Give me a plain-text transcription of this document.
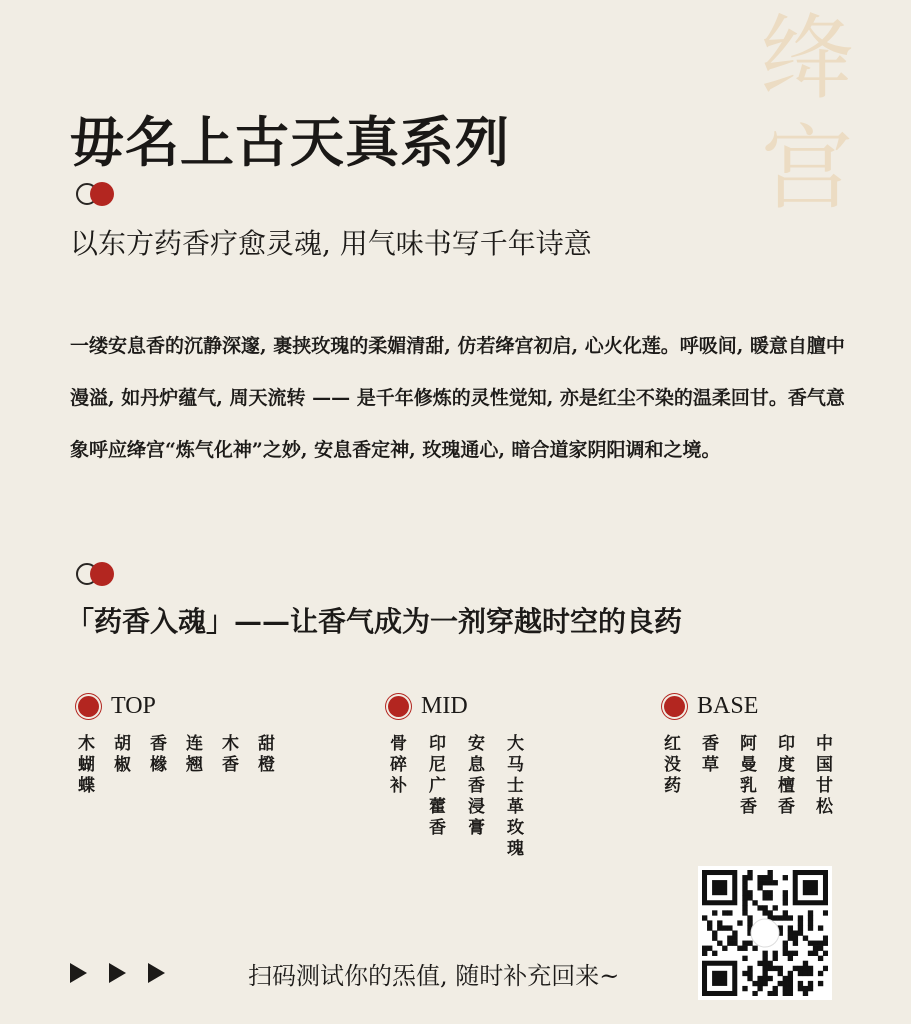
绛
宫
毋名上古天真系列
以东方药香疗愈灵魂, 用气味书写千年诗意
一缕安息香的沉静深邃, 裹挟玫瑰的柔媚清甜, 仿若绛宫初启, 心火化莲。呼吸间, 暖意自膻中漫溢, 如丹炉蕴气, 周天流转 —— 是千年修炼的灵性觉知, 亦是红尘不染的温柔回甘。香气意象呼应绛宫“炼气化神”之妙, 安息香定神, 玫瑰通心, 暗合道家阴阳调和之境。
「药香入魂」——让香气成为一剂穿越时空的良药
TOP
木
蝴
蝶
胡
椒
香
橼
连
翘
木
香
甜
橙
MID
骨
碎
补
印
尼
广
藿
香
安
息
香
浸
膏
大
马
士
革
玫
瑰
BASE
红
没
药
香
草
阿
曼
乳
香
印
度
檀
香
中
国
甘
松
扫码测试你的炁值, 随时补充回来~
